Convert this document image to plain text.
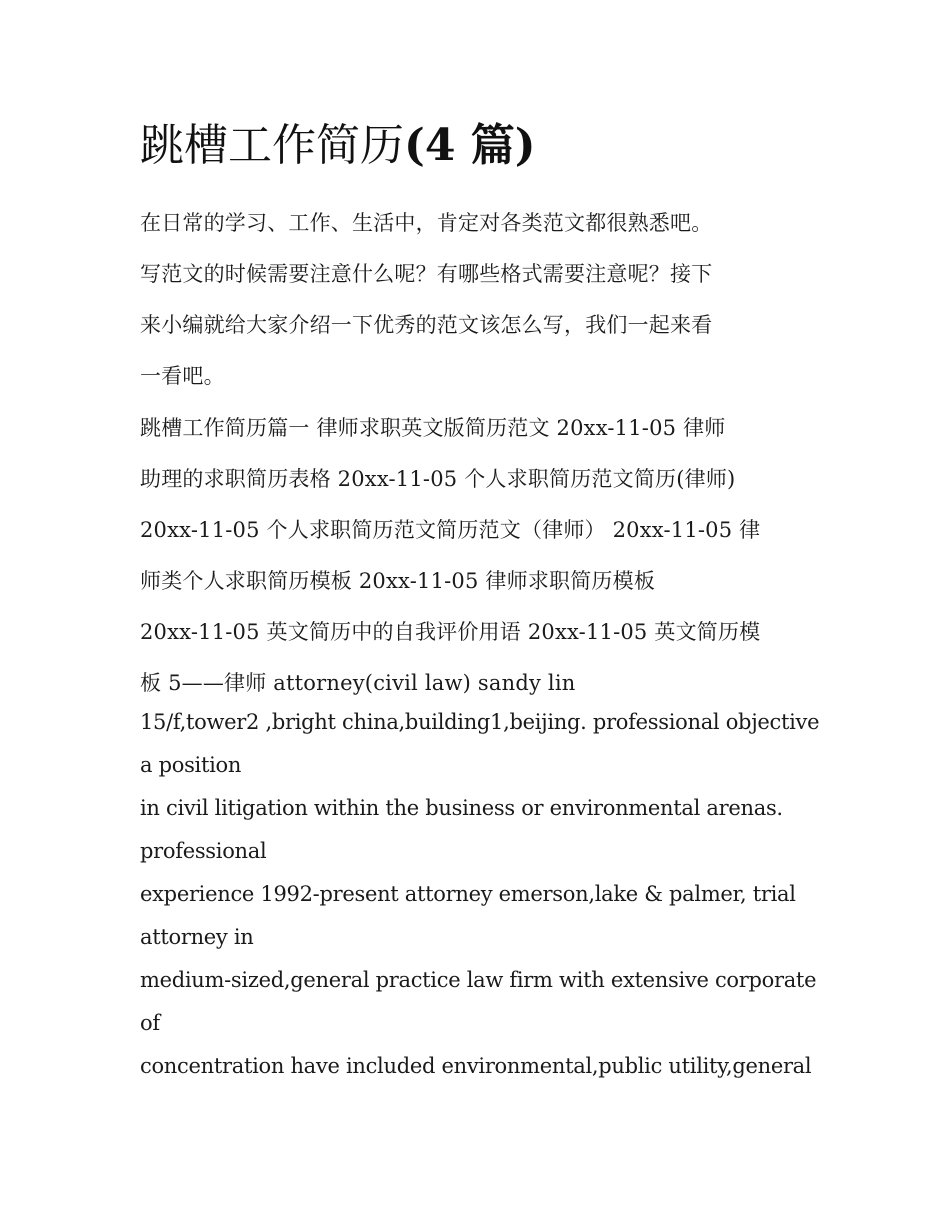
跳槽工作简历(4 篇)
在日常的学习、工作、生活中，肯定对各类范文都很熟悉吧。
写范文的时候需要注意什么呢？有哪些格式需要注意呢？接下
来小编就给大家介绍一下优秀的范文该怎么写，我们一起来看
一看吧。
跳槽工作简历篇一 律师求职英文版简历范文 20xx-11-05 律师
助理的求职简历表格 20xx-11-05 个人求职简历范文简历(律师)
20xx-11-05 个人求职简历范文简历范文（律师） 20xx-11-05 律
师类个人求职简历模板 20xx-11-05 律师求职简历模板
20xx-11-05 英文简历中的自我评价用语 20xx-11-05 英文简历模
板 5——律师 attorney(civil law) sandy lin
15/f,tower2 ,bright china,building1,beijing. professional objective
a position
in civil litigation within the business or environmental arenas.
professional
experience 1992-present attorney emerson,lake & palmer, trial
attorney in
medium-sized,general practice law firm with extensive corporate
of
concentration have included environmental,public utility,general
